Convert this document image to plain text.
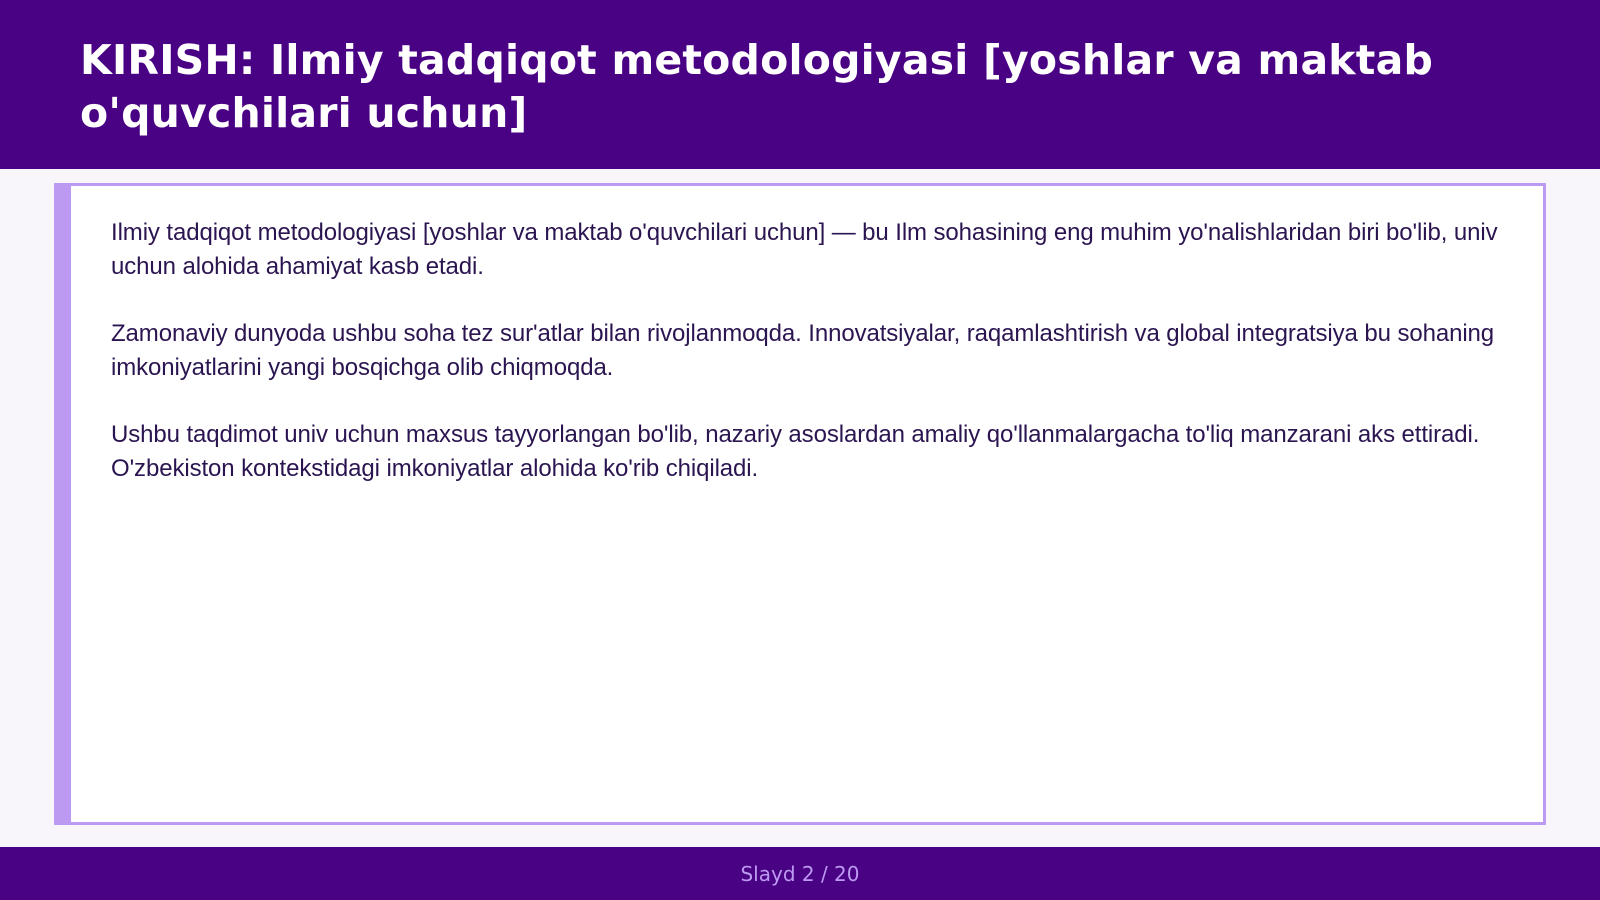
KIRISH: Ilmiy tadqiqot metodologiyasi [yoshlar va maktab o'quvchilari uchun]

Ilmiy tadqiqot metodologiyasi [yoshlar va maktab o'quvchilari uchun] — bu Ilm sohasining eng muhim yo'nalishlaridan biri bo'lib, univ uchun alohida ahamiyat kasb etadi.

Zamonaviy dunyoda ushbu soha tez sur'atlar bilan rivojlanmoqda. Innovatsiyalar, raqamlashtirish va global integratsiya bu sohaning imkoniyatlarini yangi bosqichga olib chiqmoqda.

Ushbu taqdimot univ uchun maxsus tayyorlangan bo'lib, nazariy asoslardan amaliy qo'llanmalargacha to'liq manzarani aks ettiradi. O'zbekiston kontekstidagi imkoniyatlar alohida ko'rib chiqiladi.

Slayd 2 / 20
